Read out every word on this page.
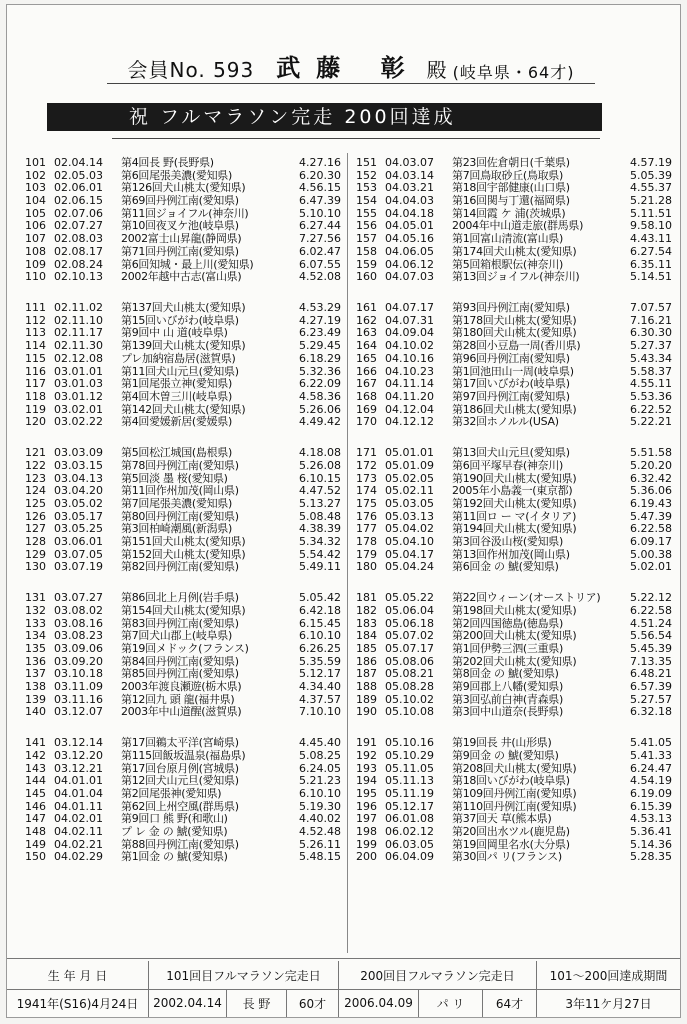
会員No. 593 武藤 彰 殿 (岐阜県・64才)
祝 フルマラソン完走 200回達成
101 02.04.14	第4回長 野(長野県)	4.27.16
102 02.05.03	第6回尾張美濃(愛知県)	6.20.30
103 02.06.01	第126回犬山桃太(愛知県)	4.56.15
104 02.06.15	第69回丹例江南(愛知県)	6.47.39
105 02.07.06	第11回ジョイフル(神奈川)	5.10.10
106 02.07.27	第10回夜叉ケ池(岐阜県)	6.27.44
107 02.08.03	2002富士山昇龍(静岡県)	7.27.56
108 02.08.17	第71回丹例江南(愛知県)	6.02.47
109 02.08.24	第6回知城・最上川(愛知県)	6.07.55
110 02.10.13	2002年越中古志(富山県)	4.52.08
111 02.11.02	第137回犬山桃太(愛知県)	4.53.29
112 02.11.10	第15回いびがわ(岐阜県)	4.27.19
113 02.11.17	第9回中 山 道(岐阜県)	6.23.49
114 02.11.30	第139回犬山桃太(愛知県)	5.29.45
115 02.12.08	プレ加納宿島居(滋賀県)	6.18.29
116 03.01.01	第11回犬山元旦(愛知県)	5.32.36
117 03.01.03	第1回尾張立神(愛知県)	6.22.09
118 03.01.12	第4回木曽三川(岐阜県)	4.58.36
119 03.02.01	第142回犬山桃太(愛知県)	5.26.06
120 03.02.22	第4回愛媛新居(愛媛県)	4.49.42
121 03.03.09	第5回松江城国(島根県)	4.18.08
122 03.03.15	第78回丹例江南(愛知県)	5.26.08
123 03.04.13	第5回淡 墨 桜(愛知県)	6.10.15
124 03.04.20	第11回作州加茂(岡山県)	4.47.52
125 03.05.02	第7回尾張美濃(愛知県)	5.13.27
126 03.05.17	第80回丹例江南(愛知県)	5.08.48
127 03.05.25	第3回柏崎潮風(新潟県)	4.38.39
128 03.06.01	第151回犬山桃太(愛知県)	5.34.32
129 03.07.05	第152回犬山桃太(愛知県)	5.54.42
130 03.07.19	第82回丹例江南(愛知県)	5.49.11
131 03.07.27	第86回北上月例(岩手県)	5.05.42
132 03.08.02	第154回犬山桃太(愛知県)	6.42.18
133 03.08.16	第83回丹例江南(愛知県)	6.15.45
134 03.08.23	第7回犬山郡上(岐阜県)	6.10.10
135 03.09.06	第19回メドック(フランス)	6.26.25
136 03.09.20	第84回丹例江南(愛知県)	5.35.59
137 03.10.18	第85回丹例江南(愛知県)	5.12.17
138 03.11.09	2003年渡良瀬遊(栃木県)	4.34.40
139 03.11.16	第12回九 頭 龍(福井県)	4.37.57
140 03.12.07	2003年中山道醒(滋賀県)	7.10.10
141 03.12.14	第17回鵜太平洋(宮崎県)	4.45.40
142 03.12.20	第115回飯坂温泉(福島県)	5.08.25
143 03.12.21	第17回台原月例(宮城県)	6.24.05
144 04.01.01	第12回犬山元旦(愛知県)	5.21.23
145 04.01.04	第2回尾張神(愛知県)	6.10.10
146 04.01.11	第62回上州空風(群馬県)	5.19.30
147 04.02.01	第9回口 熊 野(和歌山)	4.40.02
148 04.02.11	プ レ 金 の 鯱(愛知県)	4.52.48
149 04.02.21	第88回丹例江南(愛知県)	5.26.11
150 04.02.29	第1回金 の 鯱(愛知県)	5.48.15
151 04.03.07	第23回佐倉朝日(千葉県)	4.57.19
152 04.03.14	第7回鳥取砂丘(鳥取県)	5.05.39
153 04.03.21	第18回宇部健康(山口県)	4.55.37
154 04.04.03	第16回関与丁還(福岡県)	5.21.28
155 04.04.18	第14回霞 ケ 浦(茨城県)	5.11.51
156 04.05.01	2004年中山道走旅(群馬県)	9.58.10
157 04.05.16	第1回富山清流(富山県)	4.43.11
158 04.06.05	第174回犬山桃太(愛知県)	6.27.54
159 04.06.12	第5回箱根駅伝(神奈川)	6.35.11
160 04.07.03	第13回ジョイフル(神奈川)	5.14.51
161 04.07.17	第93回丹例江南(愛知県)	7.07.57
162 04.07.31	第178回犬山桃太(愛知県)	7.16.21
163 04.09.04	第180回犬山桃太(愛知県)	6.30.30
164 04.10.02	第28回小豆島一周(香川県)	5.27.37
165 04.10.16	第96回丹例江南(愛知県)	5.43.34
166 04.10.23	第1回池田山一周(岐阜県)	5.58.37
167 04.11.14	第17回いびがわ(岐阜県)	4.55.11
168 04.11.20	第97回丹例江南(愛知県)	5.53.36
169 04.12.04	第186回犬山桃太(愛知県)	6.22.52
170 04.12.12	第32回ホノルル(USA)	5.22.21
171 05.01.01	第13回犬山元旦(愛知県)	5.51.58
172 05.01.09	第6回平塚早春(神奈川)	5.20.20
173 05.02.05	第190回犬山桃太(愛知県)	6.32.42
174 05.02.11	2005年小島義一(東京都)	5.36.06
175 05.03.05	第192回犬山桃太(愛知県)	6.19.43
176 05.03.13	第11回ロ ー マ(イタリア)	5.47.39
177 05.04.02	第194回犬山桃太(愛知県)	6.22.58
178 05.04.10	第3回谷汲山桜(愛知県)	6.09.17
179 05.04.17	第13回作州加茂(岡山県)	5.00.38
180 05.04.24	第6回金 の 鯱(愛知県)	5.02.01
181 05.05.22	第22回ウィーン(オーストリア)	5.22.12
182 05.06.04	第198回犬山桃太(愛知県)	6.22.58
183 05.06.18	第2回四国徳島(徳島県)	4.51.24
184 05.07.02	第200回犬山桃太(愛知県)	5.56.54
185 05.07.17	第1回伊勢三泗(三重県)	5.45.39
186 05.08.06	第202回犬山桃太(愛知県)	7.13.35
187 05.08.21	第8回金 の 鯱(愛知県)	6.48.21
188 05.08.28	第9回郡上八幡(愛知県)	6.57.39
189 05.10.02	第3回弘前白神(青森県)	5.27.57
190 05.10.08	第3回中山道奈(長野県)	6.32.18
191 05.10.16	第19回長 井(山形県)	5.41.05
192 05.10.29	第9回金 の 鯱(愛知県)	5.41.33
193 05.11.05	第208回犬山桃太(愛知県)	6.24.47
194 05.11.13	第18回いびがわ(岐阜県)	4.54.19
195 05.11.19	第109回丹例江南(愛知県)	6.19.09
196 05.12.17	第110回丹例江南(愛知県)	6.15.39
197 06.01.08	第37回天 草(熊本県)	4.53.13
198 06.02.12	第20回出水ツル(鹿児島)	5.36.41
199 06.03.05	第19回岡里名水(大分県)	5.14.36
200 06.04.09	第30回パ リ(フランス)	5.28.35
生 年 月 日	101回目フルマラソン完走日	200回目フルマラソン完走日	101〜200回達成期間
1941年(S16)4月24日	2002.04.14	長 野	60才	2006.04.09	パ リ	64才	3年11ケ月27日
